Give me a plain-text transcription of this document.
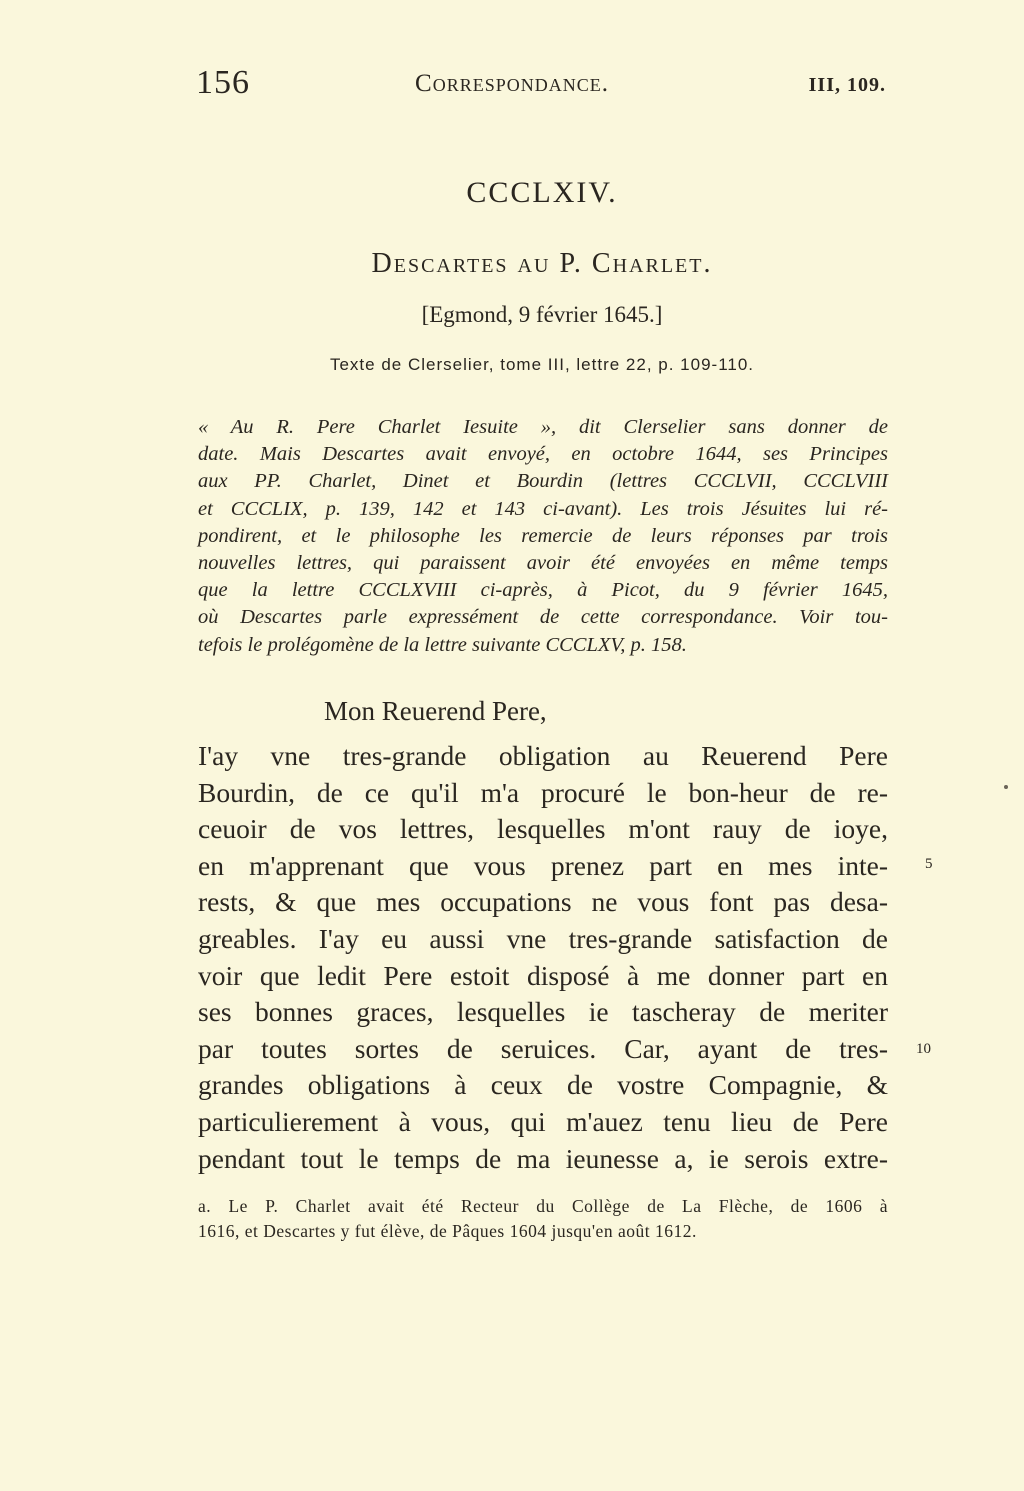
156	Correspondance.	III, 109.
CCCLXIV.
Descartes au P. Charlet.
[Egmond, 9 février 1645.]
Texte de Clerselier, tome III, lettre 22, p. 109-110.
« Au R. Pere Charlet Iesuite », dit Clerselier sans donner de
date. Mais Descartes avait envoyé, en octobre 1644, ses Principes
aux PP. Charlet, Dinet et Bourdin (lettres CCCLVII, CCCLVIII
et CCCLIX, p. 139, 142 et 143 ci-avant). Les trois Jésuites lui ré-
pondirent, et le philosophe les remercie de leurs réponses par trois
nouvelles lettres, qui paraissent avoir été envoyées en même temps
que la lettre CCCLXVIII ci-après, à Picot, du 9 février 1645,
où Descartes parle expressément de cette correspondance. Voir tou-
tefois le prolégomène de la lettre suivante CCCLXV, p. 158.
Mon Reuerend Pere,
I'ay vne tres-grande obligation au Reuerend Pere
Bourdin, de ce qu'il m'a procuré le bon-heur de re-
ceuoir de vos lettres, lesquelles m'ont rauy de ioye,
en m'apprenant que vous prenez part en mes inte-
rests, & que mes occupations ne vous font pas desa-
greables. I'ay eu aussi vne tres-grande satisfaction de
voir que ledit Pere estoit disposé à me donner part en
ses bonnes graces, lesquelles ie tascheray de meriter
par toutes sortes de seruices. Car, ayant de tres-
grandes obligations à ceux de vostre Compagnie, &
particulierement à vous, qui m'auez tenu lieu de Pere
pendant tout le temps de ma ieunesse a, ie serois extre-
5
10
a. Le P. Charlet avait été Recteur du Collège de La Flèche, de 1606 à
1616, et Descartes y fut élève, de Pâques 1604 jusqu'en août 1612.
